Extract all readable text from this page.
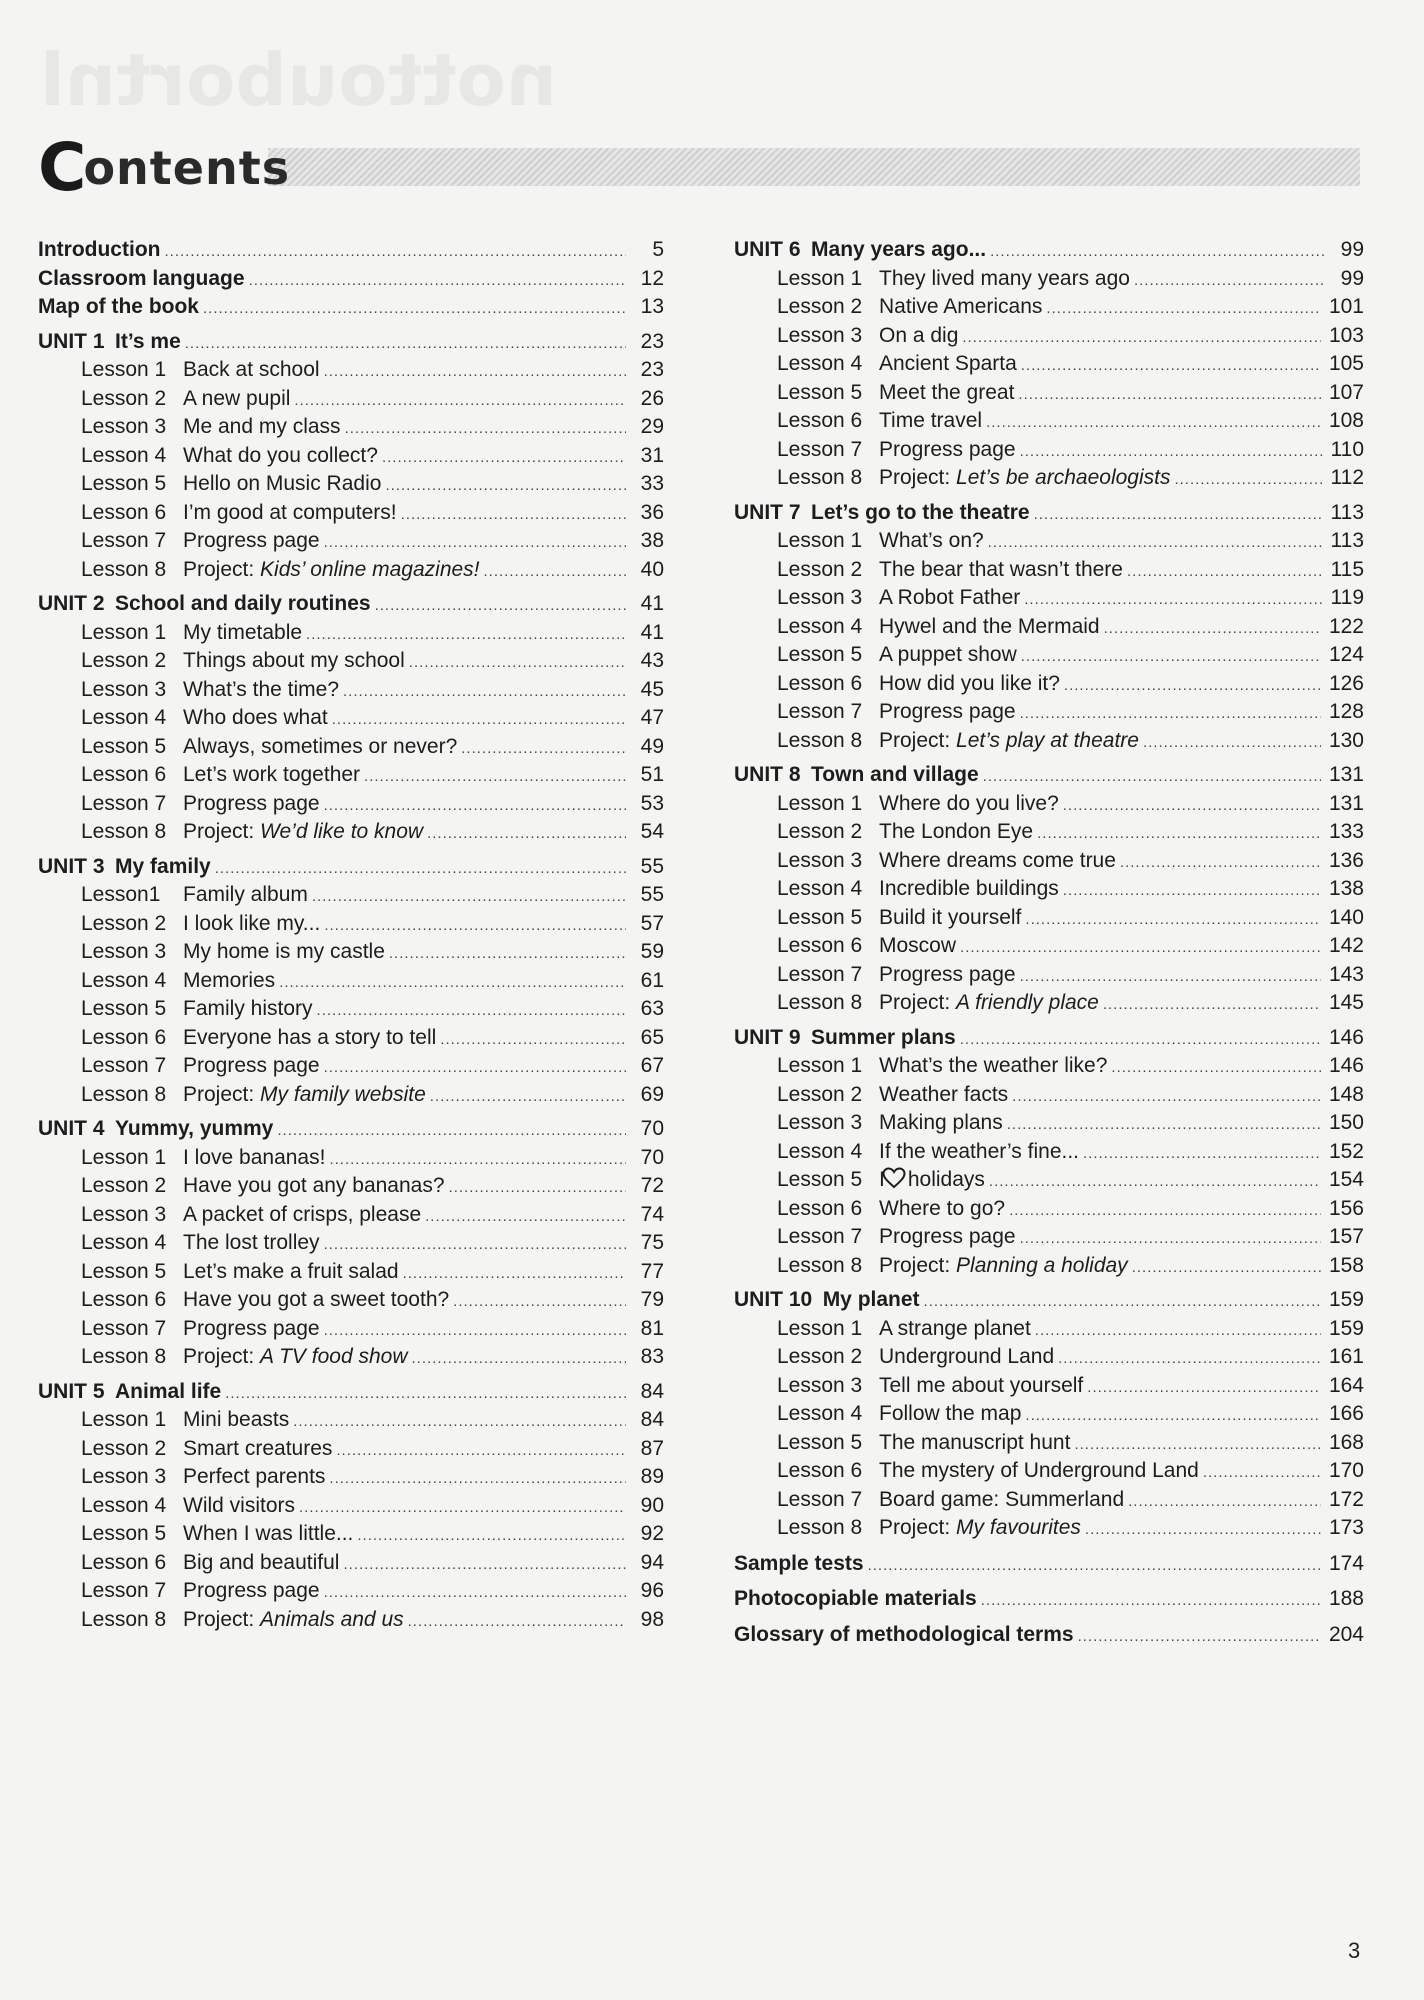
nottoubortnl
Contents
Introduction .....	5
Classroom language .....	12
Map of the book .....	13
UNIT 1  It’s me .....	23
Lesson 1 Back at school .....	23
Lesson 2 A new pupil .....	26
Lesson 3 Me and my class .....	29
Lesson 4 What do you collect? .....	31
Lesson 5 Hello on Music Radio .....	33
Lesson 6 I’m good at computers! .....	36
Lesson 7 Progress page .....	38
Lesson 8 Project: Kids’ online magazines! .....	40
UNIT 2  School and daily routines .....	41
Lesson 1 My timetable .....	41
Lesson 2 Things about my school .....	43
Lesson 3 What’s the time? .....	45
Lesson 4 Who does what .....	47
Lesson 5 Always, sometimes or never? .....	49
Lesson 6 Let’s work together .....	51
Lesson 7 Progress page .....	53
Lesson 8 Project: We’d like to know .....	54
UNIT 3  My family .....	55
Lesson1 Family album .....	55
Lesson 2 I look like my... .....	57
Lesson 3 My home is my castle .....	59
Lesson 4 Memories .....	61
Lesson 5 Family history .....	63
Lesson 6 Everyone has a story to tell .....	65
Lesson 7 Progress page .....	67
Lesson 8 Project: My family website .....	69
UNIT 4  Yummy, yummy .....	70
Lesson 1 I love bananas! .....	70
Lesson 2 Have you got any bananas? .....	72
Lesson 3 A packet of crisps, please .....	74
Lesson 4 The lost trolley .....	75
Lesson 5 Let’s make a fruit salad .....	77
Lesson 6 Have you got a sweet tooth? .....	79
Lesson 7 Progress page .....	81
Lesson 8 Project: A TV food show .....	83
UNIT 5  Animal life .....	84
Lesson 1 Mini beasts .....	84
Lesson 2 Smart creatures .....	87
Lesson 3 Perfect parents .....	89
Lesson 4 Wild visitors .....	90
Lesson 5 When I was little... .....	92
Lesson 6 Big and beautiful .....	94
Lesson 7 Progress page .....	96
Lesson 8 Project: Animals and us .....	98
UNIT 6  Many years ago... .....	99
Lesson 1 They lived many years ago .....	99
Lesson 2 Native Americans .....	101
Lesson 3 On a dig .....	103
Lesson 4 Ancient Sparta .....	105
Lesson 5 Meet the great .....	107
Lesson 6 Time travel .....	108
Lesson 7 Progress page .....	110
Lesson 8 Project: Let’s be archaeologists .....	112
UNIT 7  Let’s go to the theatre .....	113
Lesson 1 What’s on? .....	113
Lesson 2 The bear that wasn’t there .....	115
Lesson 3 A Robot Father .....	119
Lesson 4 Hywel and the Mermaid .....	122
Lesson 5 A puppet show .....	124
Lesson 6 How did you like it? .....	126
Lesson 7 Progress page .....	128
Lesson 8 Project: Let’s play at theatre .....	130
UNIT 8  Town and village .....	131
Lesson 1 Where do you live? .....	131
Lesson 2 The London Eye .....	133
Lesson 3 Where dreams come true .....	136
Lesson 4 Incredible buildings .....	138
Lesson 5 Build it yourself .....	140
Lesson 6 Moscow .....	142
Lesson 7 Progress page .....	143
Lesson 8 Project: A friendly place .....	145
UNIT 9  Summer plans .....	146
Lesson 1 What’s the weather like? .....	146
Lesson 2 Weather facts .....	148
Lesson 3 Making plans .....	150
Lesson 4 If the weather’s fine... .....	152
Lesson 5 I holidays .....	154
Lesson 6 Where to go? .....	156
Lesson 7 Progress page .....	157
Lesson 8 Project: Planning a holiday .....	158
UNIT 10  My planet .....	159
Lesson 1 A strange planet .....	159
Lesson 2 Underground Land .....	161
Lesson 3 Tell me about yourself .....	164
Lesson 4 Follow the map .....	166
Lesson 5 The manuscript hunt .....	168
Lesson 6 The mystery of Underground Land .....	170
Lesson 7 Board game: Summerland .....	172
Lesson 8 Project: My favourites .....	173
Sample tests .....	174
Photocopiable materials .....	188
Glossary of methodological terms .....	204
3
